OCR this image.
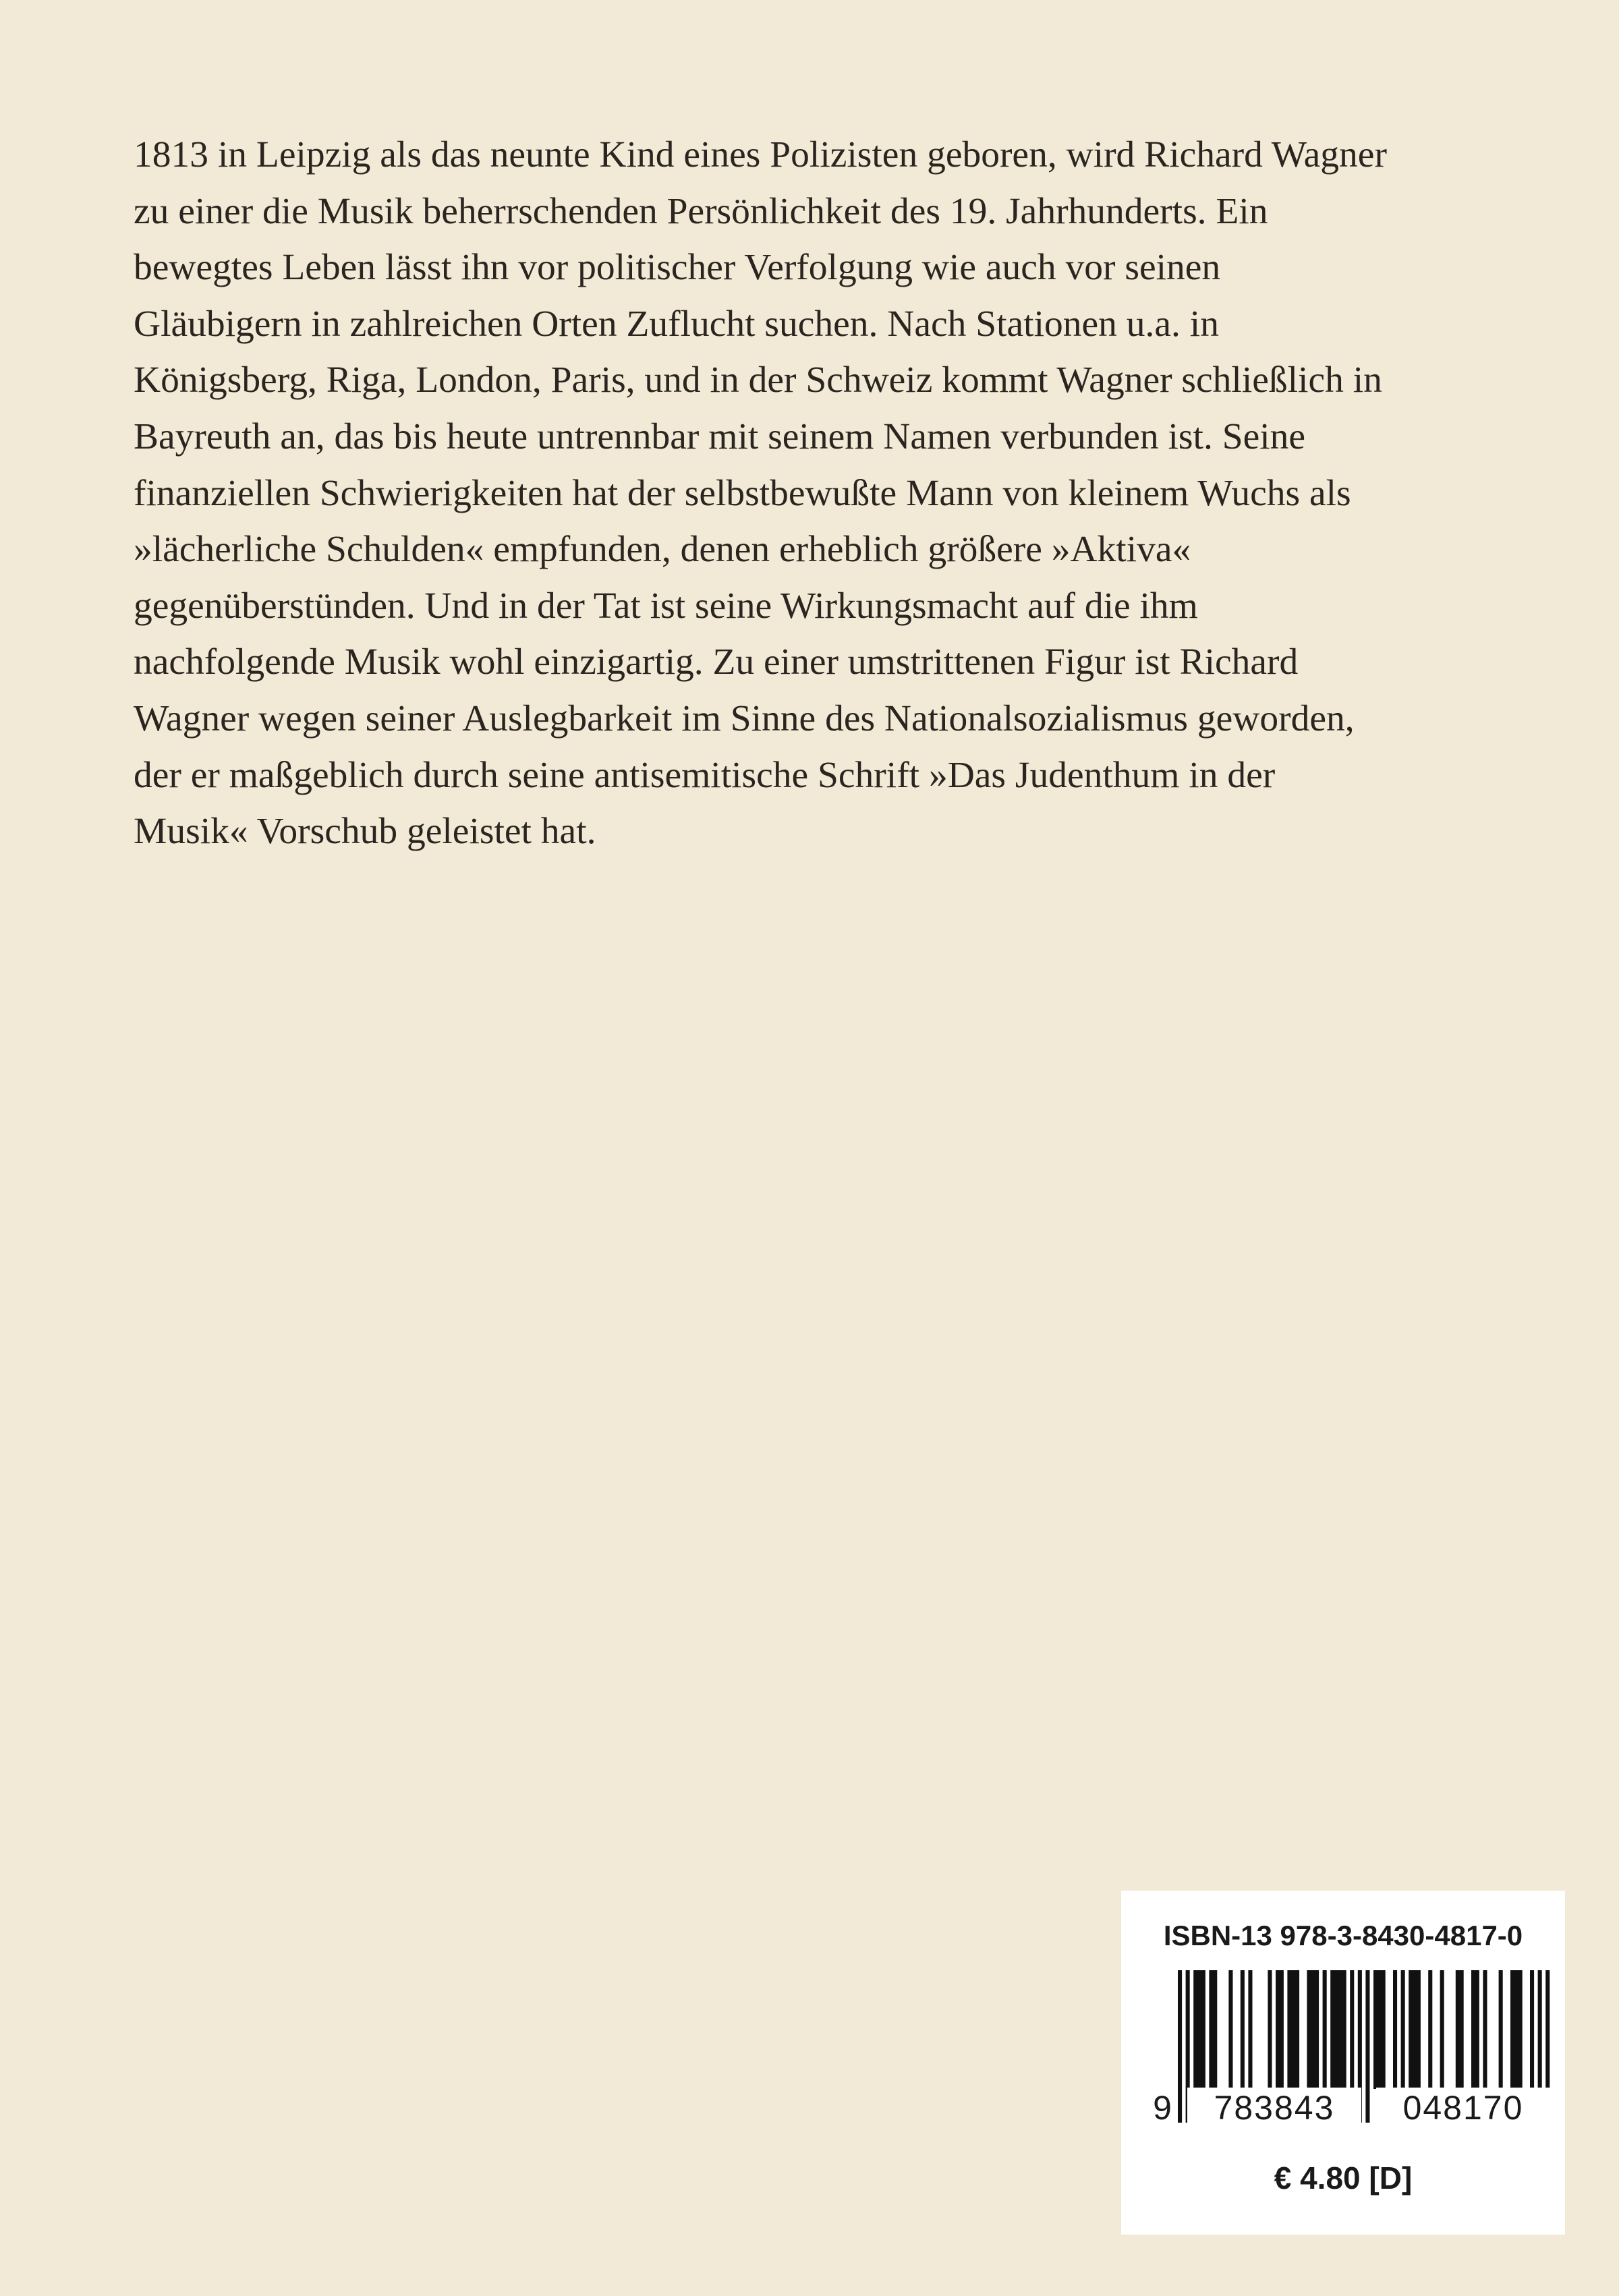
1813 in Leipzig als das neunte Kind eines Polizisten geboren, wird Richard Wagner
zu einer die Musik beherrschenden Persönlichkeit des 19. Jahrhunderts. Ein
bewegtes Leben lässt ihn vor politischer Verfolgung wie auch vor seinen
Gläubigern in zahlreichen Orten Zuflucht suchen. Nach Stationen u.a. in
Königsberg, Riga, London, Paris, und in der Schweiz kommt Wagner schließlich in
Bayreuth an, das bis heute untrennbar mit seinem Namen verbunden ist. Seine
finanziellen Schwierigkeiten hat der selbstbewußte Mann von kleinem Wuchs als
»lächerliche Schulden« empfunden, denen erheblich größere »Aktiva«
gegenüberstünden. Und in der Tat ist seine Wirkungsmacht auf die ihm
nachfolgende Musik wohl einzigartig. Zu einer umstrittenen Figur ist Richard
Wagner wegen seiner Auslegbarkeit im Sinne des Nationalsozialismus geworden,
der er maßgeblich durch seine antisemitische Schrift »Das Judenthum in der
Musik« Vorschub geleistet hat.
ISBN-13 978-3-8430-4817-0
9	783843	048170
€ 4.80 [D]
